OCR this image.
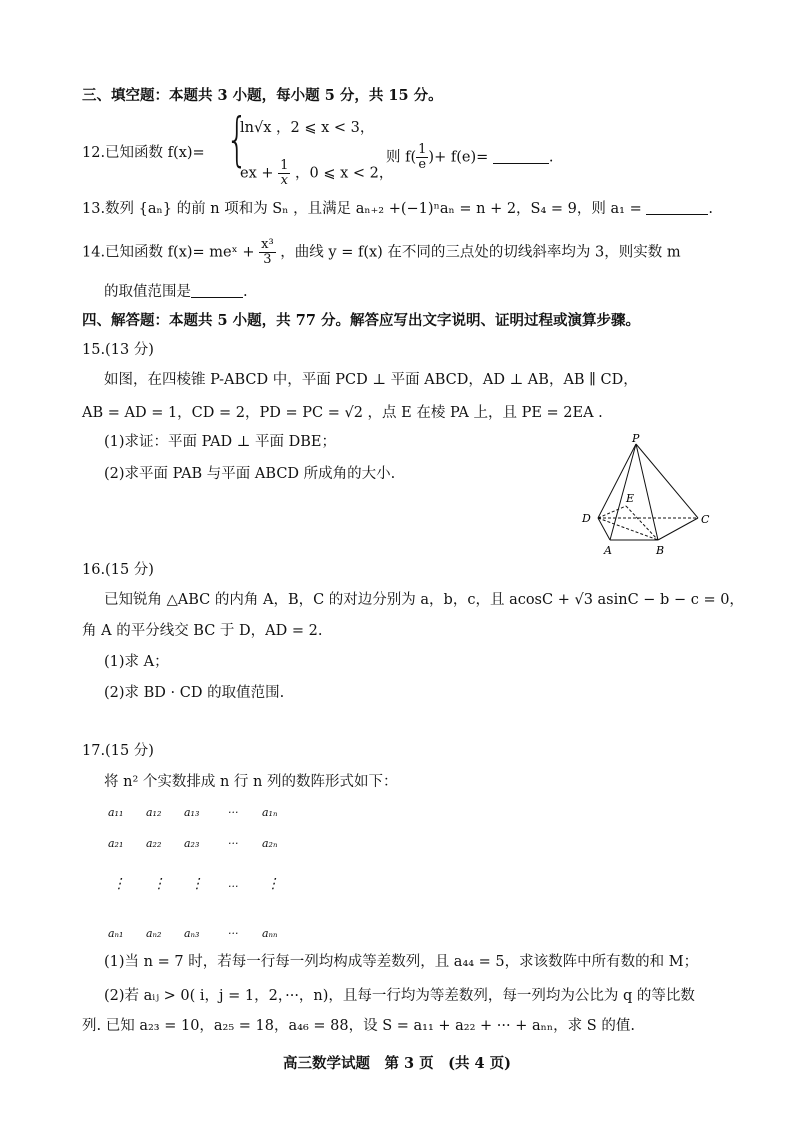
三、填空题：本题共 3 小题，每小题 5 分，共 15 分。
12.已知函数 f(x)= {
ln√x ，2 ⩽ x < 3，
ex + $\frac{1}{x}$ ，0 ⩽ x < 2，
则 $f( \frac{1}{e}$ )+ f(e)=	.
13.数列 {aₙ} 的前 n 项和为 Sₙ ，且满足 aₙ₊₂ +(−1)ⁿaₙ = n + 2，S₄ = 9，则 a₁ =	.
14.已知函数 f(x)= meˣ + $\frac{\text{x³}}{3}$ ，曲线 y = f(x) 在不同的三点处的切线斜率均为 3，则实数 m
的取值范围是	.
四、解答题：本题共 5 小题，共 77 分。解答应写出文字说明、证明过程或演算步骤。
15.(13 分)
如图，在四棱锥 P-ABCD 中，平面 PCD ⊥ 平面 ABCD，AD ⊥ AB，AB ∥ CD，
AB = AD = 1，CD = 2，PD = PC = √2 ，点 E 在棱 PA 上，且 PE = 2EA .
(1)求证：平面 PAD ⊥ 平面 DBE；
(2)求平面 PAB 与平面 ABCD 所成角的大小.
P
E
D	C
A	B
16.(15 分)
已知锐角 △ABC 的内角 A，B，C 的对边分别为 a，b，c，且 acosC + √3 asinC − b − c = 0，
角 A 的平分线交 BC 于 D，AD = 2.
(1)求 A；
(2)求 BD · CD 的取值范围.
17.(15 分)
将 n² 个实数排成 n 行 n 列的数阵形式如下：
a₁₁ a₁₂ a₁₃	··· a₁ₙ
a₂₁ a₂₂ a₂₃	··· a₂ₙ
⋮ ⋮ ⋮ ··· ⋮
aₙ₁ aₙ₂ aₙ₃	··· aₙₙ
(1)当 n = 7 时，若每一行每一列均构成等差数列，且 a₄₄ = 5，求该数阵中所有数的和 M；
(2)若 aᵢⱼ > 0( i，j = 1，2，···，n)，且每一行均为等差数列，每一列均为公比为 q 的等比数
列. 已知 a₂₃ = 10，a₂₅ = 18，a₄₆ = 88，设 S = a₁₁ + a₂₂ + ··· + aₙₙ，求 S 的值.
高三数学试题　第 3 页　(共 4 页)
